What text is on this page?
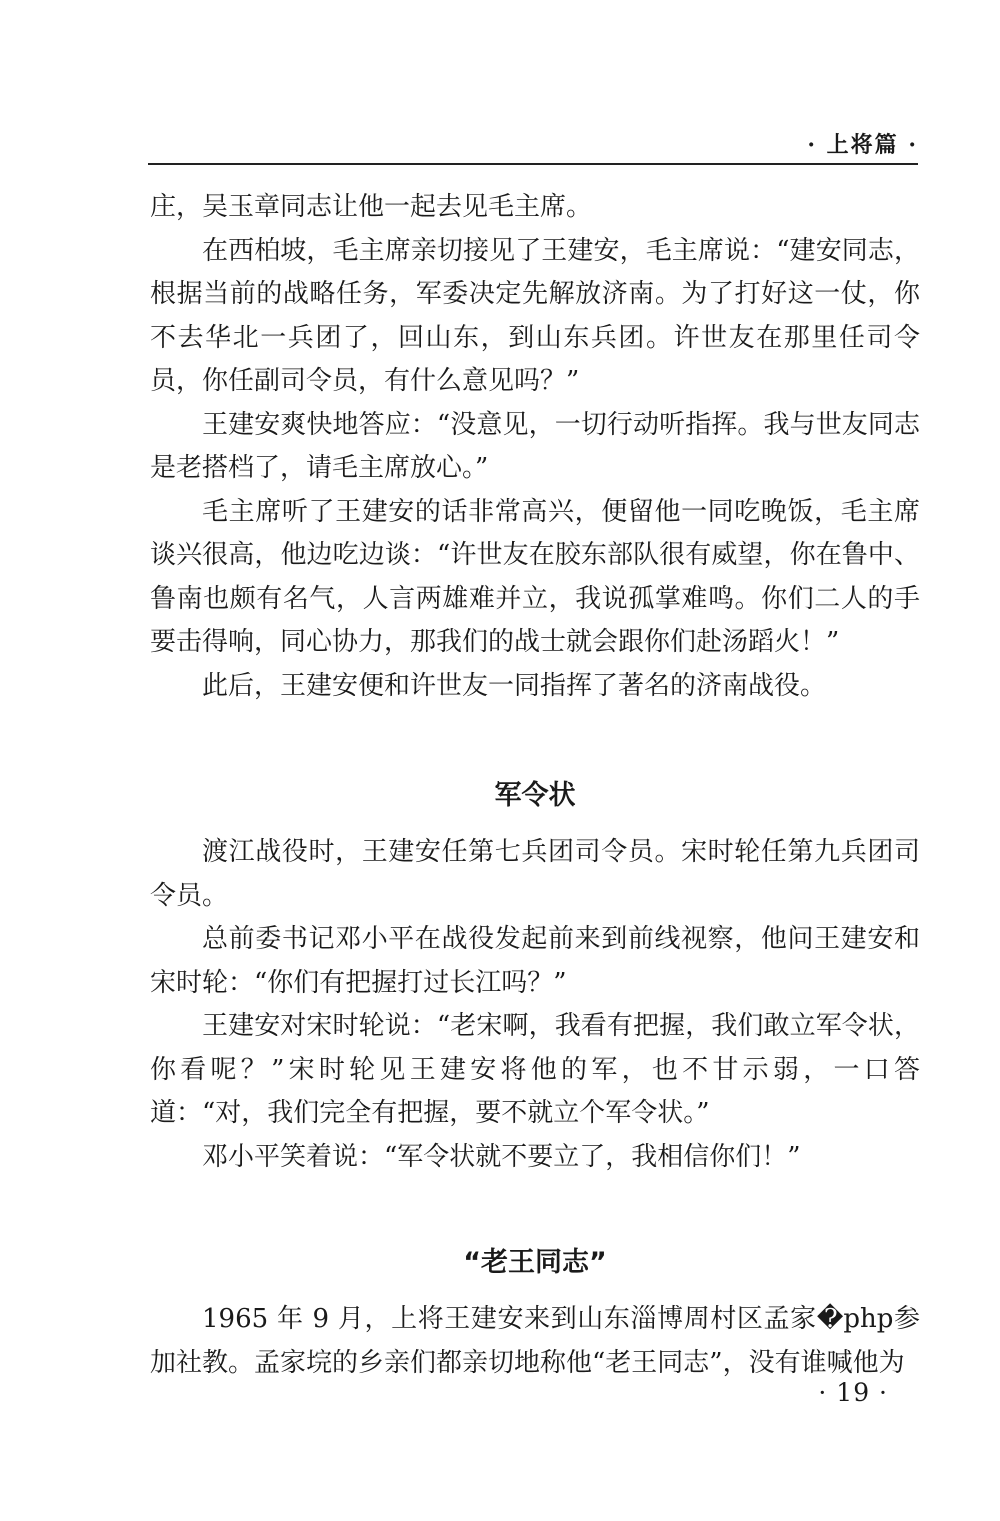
· 上将篇 ·

庄，吴玉章同志让他一起去见毛主席。

在西柏坡，毛主席亲切接见了王建安，毛主席说：“建安同志，根据当前的战略任务，军委决定先解放济南。为了打好这一仗，你不去华北一兵团了，回山东，到山东兵团。许世友在那里任司令员，你任副司令员，有什么意见吗？”

王建安爽快地答应：“没意见，一切行动听指挥。我与世友同志是老搭档了，请毛主席放心。”

毛主席听了王建安的话非常高兴，便留他一同吃晚饭，毛主席谈兴很高，他边吃边谈：“许世友在胶东部队很有威望，你在鲁中、鲁南也颇有名气，人言两雄难并立，我说孤掌难鸣。你们二人的手要击得响，同心协力，那我们的战士就会跟你们赴汤蹈火！”

此后，王建安便和许世友一同指挥了著名的济南战役。

军令状

渡江战役时，王建安任第七兵团司令员。宋时轮任第九兵团司令员。

总前委书记邓小平在战役发起前来到前线视察，他问王建安和宋时轮：“你们有把握打过长江吗？”

王建安对宋时轮说：“老宋啊，我看有把握，我们敢立军令状，你看呢？”宋时轮见王建安将他的军，也不甘示弱，一口答道：“对，我们完全有把握，要不就立个军令状。”

邓小平笑着说：“军令状就不要立了，我相信你们！”

“老王同志”

1965 年 9 月，上将王建安来到山东淄博周村区孟家�php参加社教。孟家垸的乡亲们都亲切地称他“老王同志”，没有谁喊他为

· 19 ·
